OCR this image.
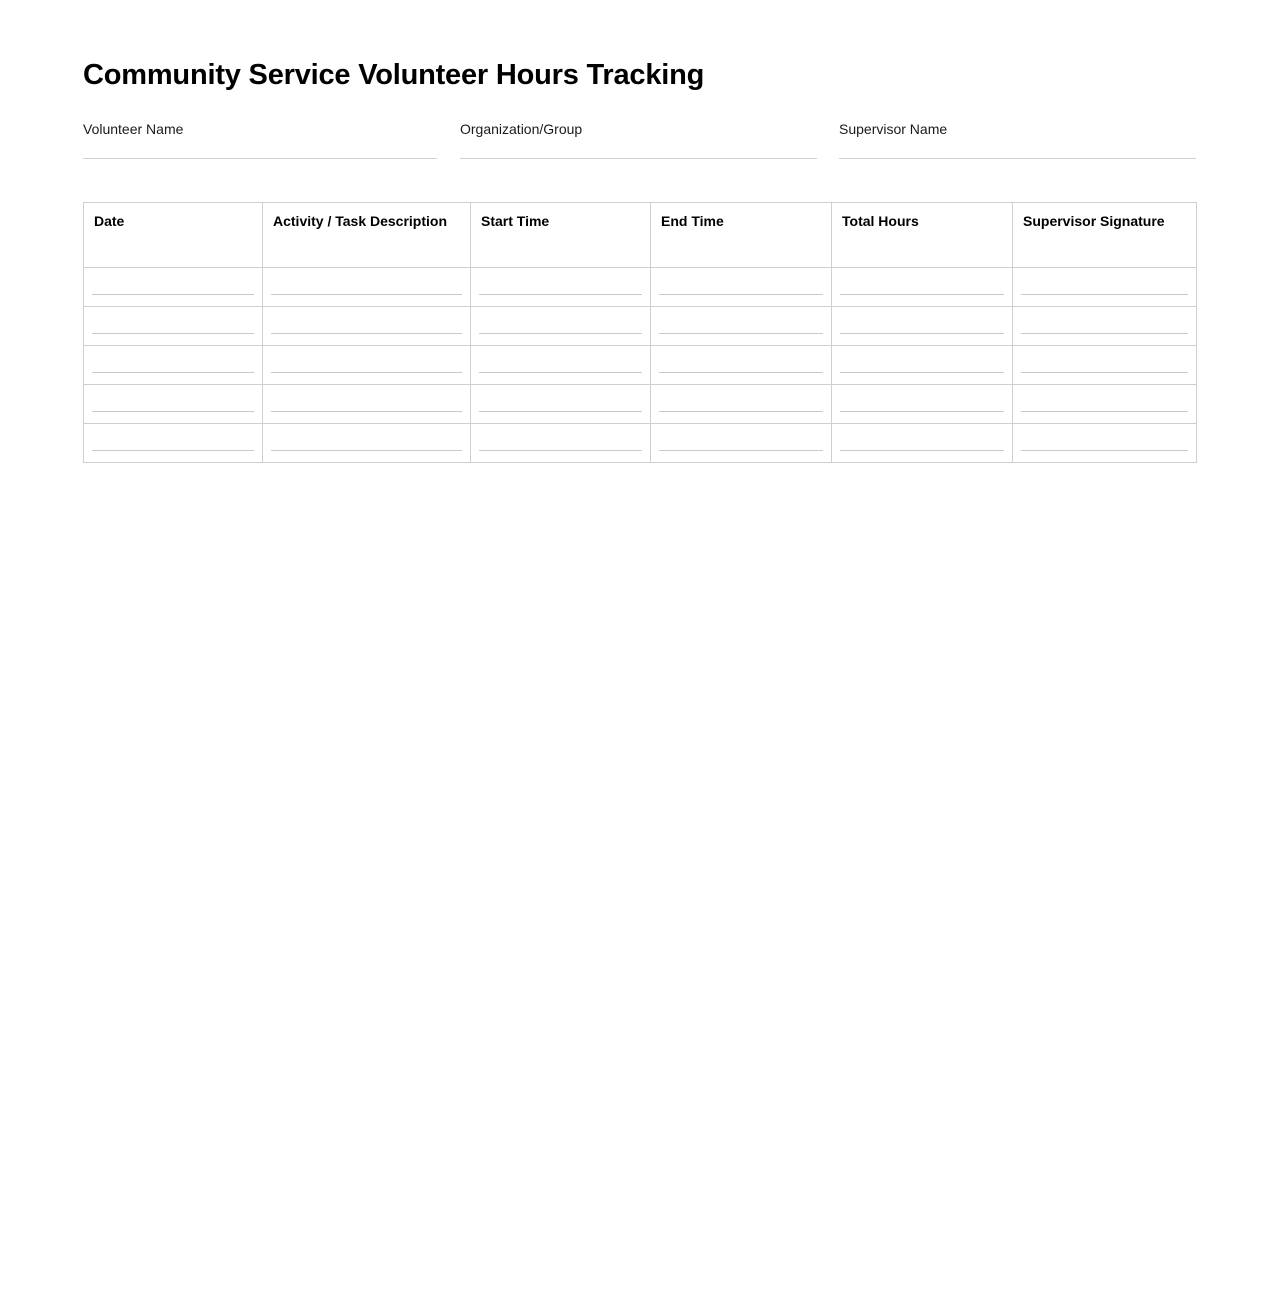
Community Service Volunteer Hours Tracking
Volunteer Name	Organization/Group	Supervisor Name
Date	Activity / Task Description	Start Time	End Time	Total Hours	Supervisor Signature
